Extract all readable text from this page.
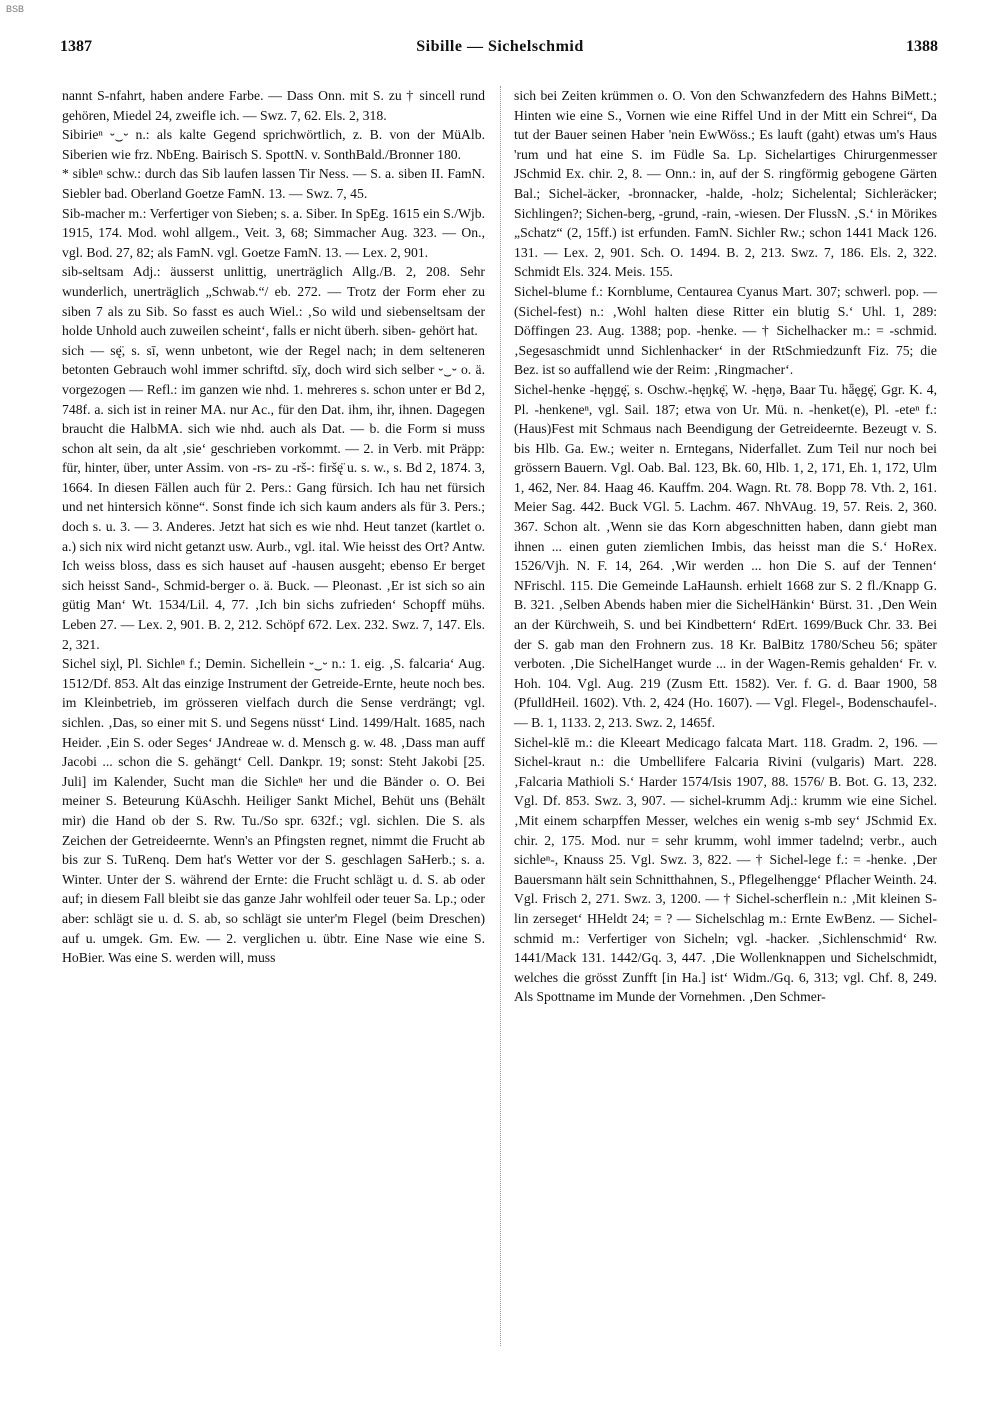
BSB
1387	Sibille — Sichelschmid	1388

nannt S-nfahrt, haben andere Farbe. — Dass Onn. mit S. zu † sincell rund gehören, Miedel 24, zweifle ich. — Swz. 7, 62. Els. 2, 318.

Sibirieⁿ ⏑‿⏑ n.: als kalte Gegend sprichwörtlich, z. B. von der MüAlb. Siberien wie frz. NbEng. Bairisch S. SpottN. v. SonthBald./Bronner 180.

* sibleⁿ schw.: durch das Sib laufen lassen Tir Ness. — S. a. siben II. FamN. Siebler bad. Oberland Goetze FamN. 13. — Swz. 7, 45.

Sib-macher m.: Verfertiger von Sieben; s. a. Siber. In SpEg. 1615 ein S./Wjb. 1915, 174. Mod. wohl allgem., Veit. 3, 68; Simmacher Aug. 323. — On., vgl. Bod. 27, 82; als FamN. vgl. Goetze FamN. 13. — Lex. 2, 901.

sib-seltsam Adj.: äusserst unlittig, unerträglich Allg./B. 2, 208. Sehr wunderlich, unerträglich „Schwab.“/ eb. 272. — Trotz der Form eher zu siben 7 als zu Sib. So fasst es auch Wiel.: ‚So wild und siebenseltsam der holde Unhold auch zuweilen scheint‘, falls er nicht überh. siben- gehört hat.

sich — sę̈, s. sī, wenn unbetont, wie der Regel nach; in dem selteneren betonten Gebrauch wohl immer schriftd. sīχ, doch wird sich selber ⏑‿⏑ o. ä. vorgezogen — Refl.: im ganzen wie nhd. 1. mehreres s. schon unter er Bd 2, 748f. a. sich ist in reiner MA. nur Ac., für den Dat. ihm, ihr, ihnen. Dagegen braucht die HalbMA. sich wie nhd. auch als Dat. — b. die Form si muss schon alt sein, da alt ‚sie‘ geschrieben vorkommt. — 2. in Verb. mit Präpp: für, hinter, über, unter Assim. von -rs- zu -rš-: firšę̈ u. s. w., s. Bd 2, 1874. 3, 1664. In diesen Fällen auch für 2. Pers.: Gang fürsich. Ich hau net fürsich und net hintersich könne“. Sonst finde ich sich kaum anders als für 3. Pers.; doch s. u. 3. — 3. Anderes. Jetzt hat sich es wie nhd. Heut tanzet (kartlet o. a.) sich nix wird nicht getanzt usw. Aurb., vgl. ital. Wie heisst des Ort? Antw. Ich weiss bloss, dass es sich hauset auf -hausen ausgeht; ebenso Er berget sich heisst Sand-, Schmid-berger o. ä. Buck. — Pleonast. ‚Er ist sich so ain gütig Man‘ Wt. 1534/Lil. 4, 77. ‚Ich bin sichs zufrieden‘ Schopff mühs. Leben 27. — Lex. 2, 901. B. 2, 212. Schöpf 672. Lex. 232. Swz. 7, 147. Els. 2, 321.

Sichel siχl, Pl. Sichleⁿ f.; Demin. Sichellein ⏑‿⏑ n.: 1. eig. ‚S. falcaria‘ Aug. 1512/Df. 853. Alt das einzige Instrument der Getreide-Ernte, heute noch bes. im Kleinbetrieb, im grösseren vielfach durch die Sense verdrängt; vgl. sichlen. ‚Das, so einer mit S. und Segens nüsst‘ Lind. 1499/Halt. 1685, nach Heider. ‚Ein S. oder Seges‘ JAndreae w. d. Mensch g. w. 48. ‚Dass man auff Jacobi ... schon die S. gehängt‘ Cell. Dankpr. 19; sonst: Steht Jakobi [25. Juli] im Kalender, Sucht man die Sichleⁿ her und die Bänder o. O. Bei meiner S. Beteurung KüAschh. Heiliger Sankt Michel, Behüt uns (Behält mir) die Hand ob der S. Rw. Tu./So spr. 632f.; vgl. sichlen. Die S. als Zeichen der Getreideernte. Wenn's an Pfingsten regnet, nimmt die Frucht ab bis zur S. TuRenq. Dem hat's Wetter vor der S. geschlagen SaHerb.; s. a. Winter. Unter der S. während der Ernte: die Frucht schlägt u. d. S. ab oder auf; in diesem Fall bleibt sie das ganze Jahr wohlfeil oder teuer Sa. Lp.; oder aber: schlägt sie u. d. S. ab, so schlägt sie unter'm Flegel (beim Dreschen) auf u. umgek. Gm. Ew. — 2. verglichen u. übtr. Eine Nase wie eine S. HoBier. Was eine S. werden will, muss

sich bei Zeiten krümmen o. O. Von den Schwanzfedern des Hahns BiMett.; Hinten wie eine S., Vornen wie eine Riffel Und in der Mitt ein Schrei“, Da tut der Bauer seinen Haber 'nein EwWöss.; Es lauft (gaht) etwas um's Haus 'rum und hat eine S. im Füdle Sa. Lp. Sichelartiges Chirurgenmesser JSchmid Ex. chir. 2, 8. — Onn.: in, auf der S. ringförmig gebogene Gärten Bal.; Sichel-äcker, -bronnacker, -halde, -holz; Sichelental; Sichleräcker; Sichlingen?; Sichen-berg, -grund, -rain, -wiesen. Der FlussN. ‚S.‘ in Mörikes „Schatz“ (2, 15ff.) ist erfunden. FamN. Sichler Rw.; schon 1441 Mack 126. 131. — Lex. 2, 901. Sch. O. 1494. B. 2, 213. Swz. 7, 186. Els. 2, 322. Schmidt Els. 324. Meis. 155.

Sichel-blume f.: Kornblume, Centaurea Cyanus Mart. 307; schwerl. pop. — (Sichel-fest) n.: ‚Wohl halten diese Ritter ein blutig S.‘ Uhl. 1, 289: Döffingen 23. Aug. 1388; pop. -henke. — † Sichelhacker m.: = -schmid. ‚Segesaschmidt unnd Sichlenhacker‘ in der RtSchmiedzunft Fiz. 75; die Bez. ist so auffallend wie der Reim: ‚Ringmacher‘.

Sichel-henke -hęŋgę̈, s. Oschw.-hęŋkę̈, W. -hęŋə, Baar Tu. hǟęgę̈, Ggr. K. 4, Pl. -henkeneⁿ, vgl. Sail. 187; etwa von Ur. Mü. n. -henket(e), Pl. -eteⁿ f.: (Haus)Fest mit Schmaus nach Beendigung der Getreideernte. Bezeugt v. S. bis Hlb. Ga. Ew.; weiter n. Erntegans, Niderfallet. Zum Teil nur noch bei grössern Bauern. Vgl. Oab. Bal. 123, Bk. 60, Hlb. 1, 2, 171, Eh. 1, 172, Ulm 1, 462, Ner. 84. Haag 46. Kauffm. 204. Wagn. Rt. 78. Bopp 78. Vth. 2, 161. Meier Sag. 442. Buck VGl. 5. Lachm. 467. NhVAug. 19, 57. Reis. 2, 360. 367. Schon alt. ‚Wenn sie das Korn abgeschnitten haben, dann giebt man ihnen ... einen guten ziemlichen Imbis, das heisst man die S.‘ HoRex. 1526/Vjh. N. F. 14, 264. ‚Wir werden ... hon Die S. auf der Tennen‘ NFrischl. 115. Die Gemeinde LaHaunsh. erhielt 1668 zur S. 2 fl./Knapp G. B. 321. ‚Selben Abends haben mier die SichelHänkin‘ Bürst. 31. ‚Den Wein an der Kürchweih, S. und bei Kindbettern‘ RdErt. 1699/Buck Chr. 33. Bei der S. gab man den Frohnern zus. 18 Kr. BalBitz 1780/Scheu 56; später verboten. ‚Die SichelHanget wurde ... in der Wagen-Remis gehalden‘ Fr. v. Hoh. 104. Vgl. Aug. 219 (Zusm Ett. 1582). Ver. f. G. d. Baar 1900, 58 (PfulldHeil. 1602). Vth. 2, 424 (Ho. 1607). — Vgl. Flegel-, Bodenschaufel-. — B. 1, 1133. 2, 213. Swz. 2, 1465f.

Sichel-klē m.: die Kleeart Medicago falcata Mart. 118. Gradm. 2, 196. — Sichel-kraut n.: die Umbellifere Falcaria Rivini (vulgaris) Mart. 228. ‚Falcaria Mathioli S.‘ Harder 1574/Isis 1907, 88. 1576/ B. Bot. G. 13, 232. Vgl. Df. 853. Swz. 3, 907. — sichel-krumm Adj.: krumm wie eine Sichel. ‚Mit einem scharpffen Messer, welches ein wenig s-mb sey‘ JSchmid Ex. chir. 2, 175. Mod. nur = sehr krumm, wohl immer tadelnd; verbr., auch sichleⁿ-, Knauss 25. Vgl. Swz. 3, 822. — † Sichel-lege f.: = -henke. ‚Der Bauersmann hält sein Schnitthahnen, S., Pflegelhengge‘ Pflacher Weinth. 24. Vgl. Frisch 2, 271. Swz. 3, 1200. — † Sichel-scherflein n.: ‚Mit kleinen S-lin zerseget‘ HHeldt 24; = ? — Sichelschlag m.: Ernte EwBenz. — Sichel-schmid m.: Verfertiger von Sicheln; vgl. -hacker. ‚Sichlenschmid‘ Rw. 1441/Mack 131. 1442/Gq. 3, 447. ‚Die Wollenknappen und Sichelschmidt, welches die grösst Zunfft [in Ha.] ist‘ Widm./Gq. 6, 313; vgl. Chf. 8, 249. Als Spottname im Munde der Vornehmen. ‚Den Schmer-
